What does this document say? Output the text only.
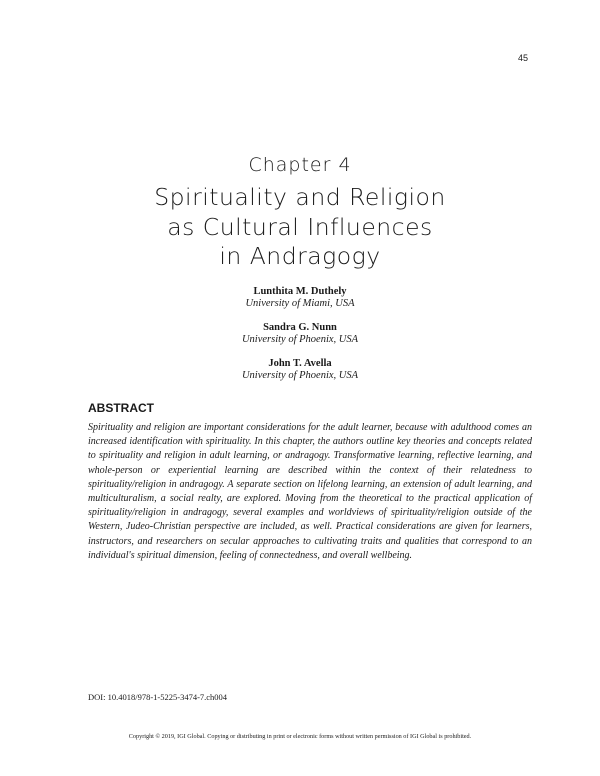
45
Chapter 4
Spirituality and Religion
as Cultural Influences
in Andragogy
Lunthita M. Duthely
University of Miami, USA
Sandra G. Nunn
University of Phoenix, USA
John T. Avella
University of Phoenix, USA
ABSTRACT
Spirituality and religion are important considerations for the adult learner, because with adulthood comes an increased identification with spirituality. In this chapter, the authors outline key theories and concepts related to spirituality and religion in adult learning, or andragogy. Transformative learning, reflective learning, and whole-person or experiential learning are described within the context of their relatedness to spirituality/religion in andragogy. A separate section on lifelong learning, an extension of adult learning, and multiculturalism, a social realty, are explored. Moving from the theoretical to the practical application of spirituality/religion in andragogy, several examples and worldviews of spirituality/religion outside of the Western, Judeo-Christian perspective are included, as well. Practical considerations are given for learners, instructors, and researchers on secular approaches to cultivating traits and qualities that correspond to an individual's spiritual dimension, feeling of connectedness, and overall wellbeing.
DOI: 10.4018/978-1-5225-3474-7.ch004
Copyright © 2019, IGI Global. Copying or distributing in print or electronic forms without written permission of IGI Global is prohibited.
